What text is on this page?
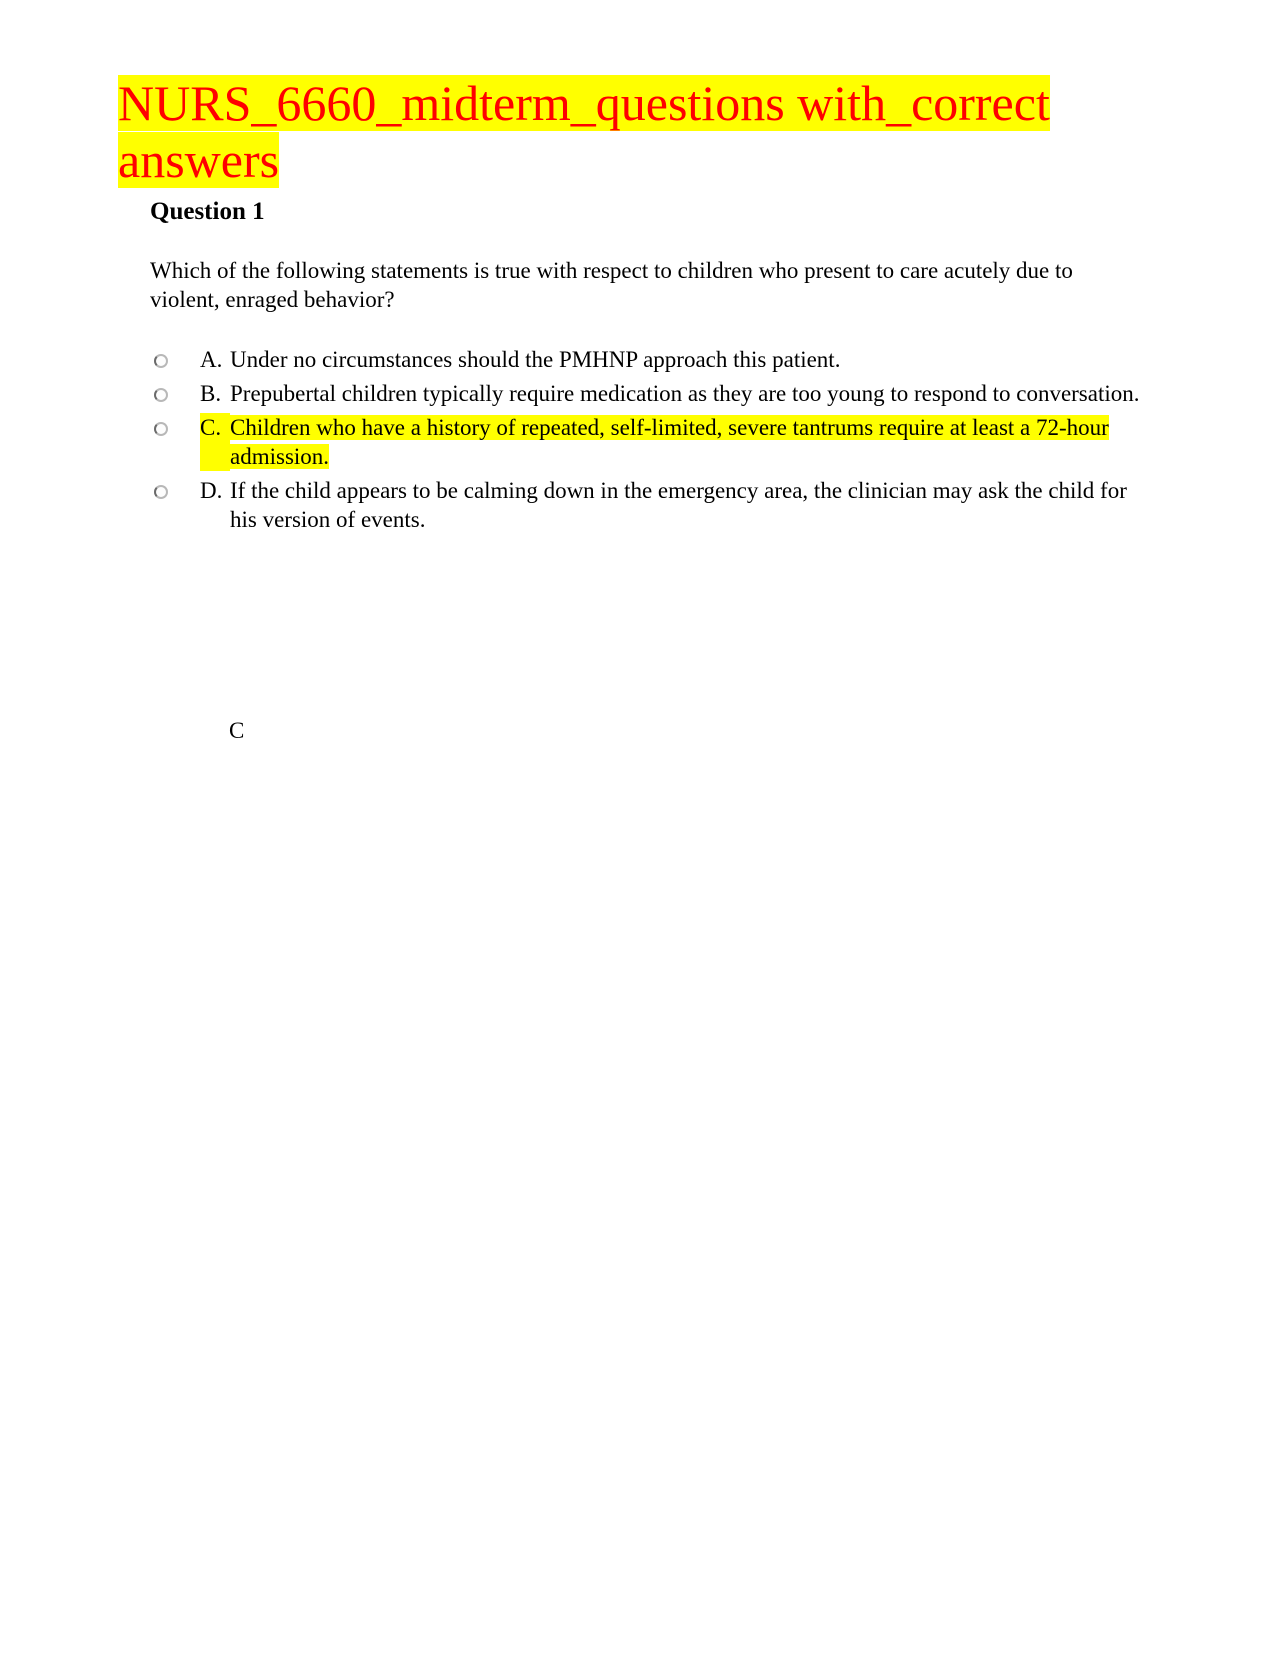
NURS_6660_midterm_questions with_correct answers
Question 1

Which of the following statements is true with respect to children who present to care acutely due to violent, enraged behavior?

A. Under no circumstances should the PMHNP approach this patient.
B. Prepubertal children typically require medication as they are too young to respond to conversation.
C. Children who have a history of repeated, self-limited, severe tantrums require at least a 72-hour admission.
D. If the child appears to be calming down in the emergency area, the clinician may ask the child for his version of events.

C
